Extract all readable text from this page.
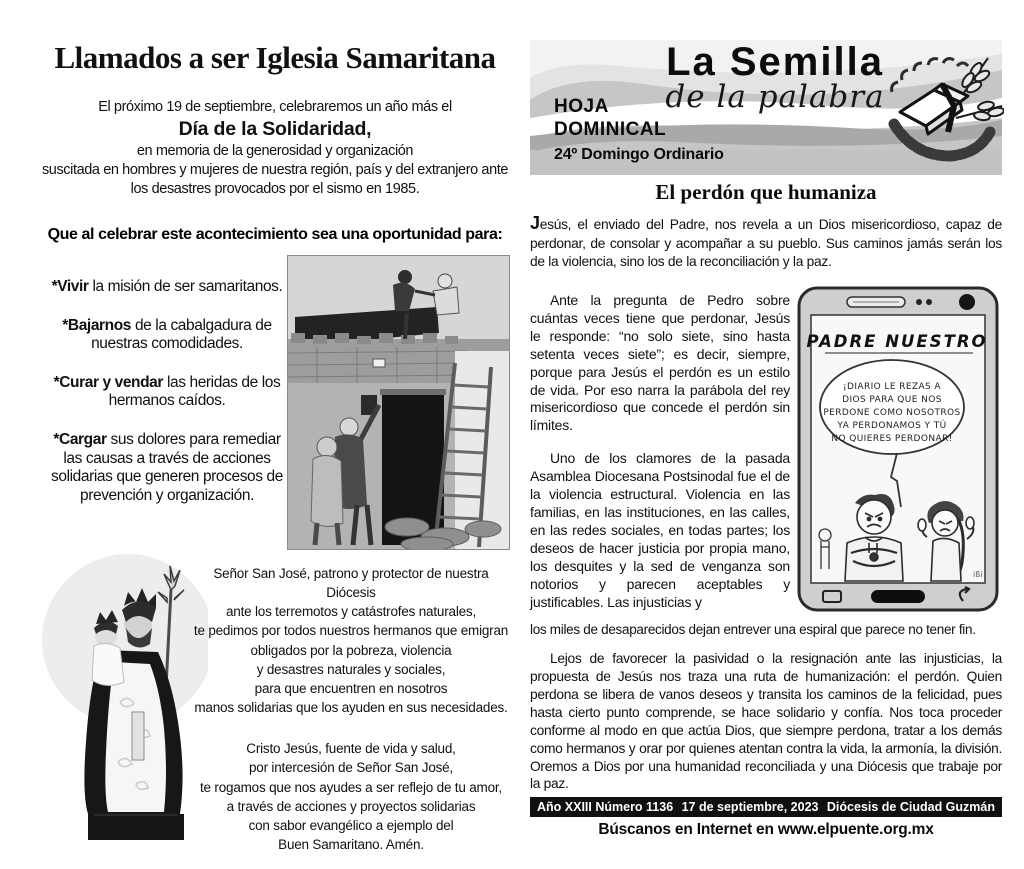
Llamados a ser Iglesia Samaritana
El próximo 19 de septiembre, celebraremos un año más el
Día de la Solidaridad,
en memoria de la generosidad y organización
suscitada en hombres y mujeres de nuestra región, país y del extranjero ante
los desastres provocados por el sismo en 1985.
Que al celebrar este acontecimiento sea una oportunidad para:
*Vivir la misión de ser samaritanos.
*Bajarnos de la cabalgadura de nuestras comodidades.
*Curar y vendar las heridas de los hermanos caídos.
*Cargar sus dolores para remediar las causas a través de acciones solidarias que generen procesos de prevención y organización.
Señor San José, patrono y protector de nuestra Diócesis
ante los terremotos y catástrofes naturales,
te pedimos por todos nuestros hermanos que emigran
obligados por la pobreza, violencia
y desastres naturales y sociales,
para que encuentren en nosotros
manos solidarias que los ayuden en sus necesidades.
Cristo Jesús, fuente de vida y salud,
por intercesión de Señor San José,
te rogamos que nos ayudes a ser reflejo de tu amor,
a través de acciones y proyectos solidarias
con sabor evangélico a ejemplo del
Buen Samaritano. Amén.
La Semilla
de la palabra
HOJA
DOMINICAL
24º Domingo Ordinario
El perdón que humaniza
Jesús, el enviado del Padre, nos revela a un Dios misericordioso, capaz de perdonar, de consolar y acompañar a su pueblo. Sus caminos jamás serán los de la violencia, sino los de la reconciliación y la paz.

Ante la pregunta de Pedro sobre cuántas veces tiene que perdonar, Jesús le responde: “no solo siete, sino hasta setenta veces siete”; es decir, siempre, porque para Jesús el perdón es un estilo de vida. Por eso narra la parábola del rey misericordioso que concede el perdón sin límites.

Uno de los clamores de la pasada Asamblea Diocesana Postsinodal fue el de la violencia estructural. Violencia en las familias, en las instituciones, en las calles, en las redes sociales, en todas partes; los deseos de hacer justicia por propia mano, los desquites y la sed de venganza son notorios y parecen aceptables y justificables. Las injusticias y

PADRE NUESTRO
¡DIARIO LE REZAS A
DIOS PARA QUE NOS
PERDONE COMO NOSOTROS
YA PERDONAMOS Y TÚ
NO QUIERES PERDONAR!
ißi
los miles de desaparecidos dejan entrever una espiral que parece no tener fin.
Lejos de favorecer la pasividad o la resignación ante las injusticias, la propuesta de Jesús nos traza una ruta de humanización: el perdón. Quien perdona se libera de vanos deseos y transita los caminos de la felicidad, pues hasta cierto punto comprende, se hace solidario y confía. Nos toca proceder conforme al modo en que actúa Dios, que siempre perdona, tratar a los demás como hermanos y orar por quienes atentan contra la vida, la armonía, la división. Oremos a Dios por una humanidad reconciliada y una Diócesis que trabaje por la paz.
Año XXIII Número 1136 17 de septiembre, 2023 Diócesis de Ciudad Guzmán
Búscanos en Internet en www.elpuente.org.mx
